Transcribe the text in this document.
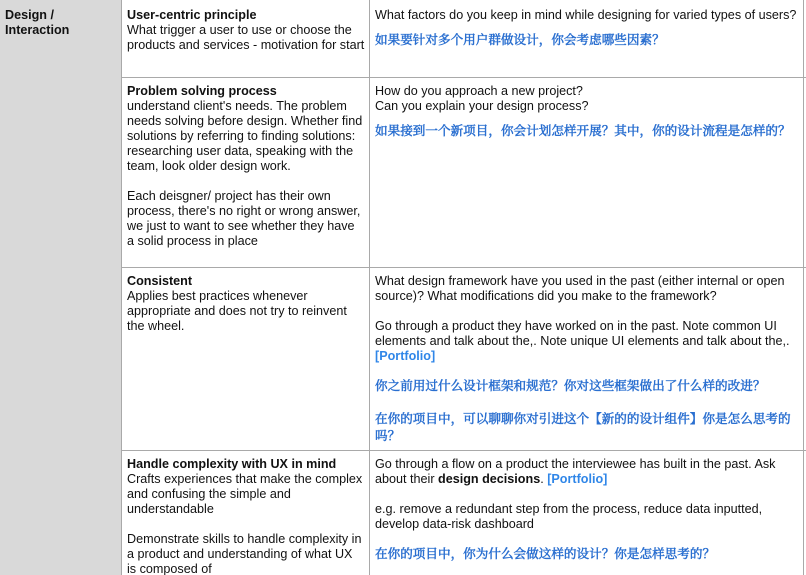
Design / Interaction
User-centric principle
What trigger a user to use or choose the products and services - motivation for start
What factors do you keep in mind while designing for varied types of users?
如果要针对多个用户群做设计，你会考虑哪些因素？
Problem solving process
understand client's needs. The problem needs solving before design. Whether find solutions by referring to finding solutions: researching user data, speaking with the team, look older design work.
Each deisgner/ project has their own process, there's no right or wrong answer, we just to want to see whether they have a solid process in place
How do you approach a new project?
Can you explain your design process?
如果接到一个新项目，你会计划怎样开展？其中，你的设计流程是怎样的？
Consistent
Applies best practices whenever appropriate and does not try to reinvent the wheel.
What design framework have you used in the past (either internal or open source)? What modifications did you make to the framework?
Go through a product they have worked on in the past. Note common UI elements and talk about the,. Note unique UI elements and talk about the,. [Portfolio]
你之前用过什么设计框架和规范？你对这些框架做出了什么样的改进？
在你的项目中，可以聊聊你对引进这个【新的的设计组件】你是怎么思考的吗？
Handle complexity with UX in mind
Crafts experiences that make the complex and confusing the simple and understandable
Demonstrate skills to handle complexity in a product and understanding of what UX is composed of
Go through a flow on a product the interviewee has built in the past. Ask about their design decisions. [Portfolio]
e.g. remove a redundant step from the process, reduce data inputted, develop data-risk dashboard
在你的项目中，你为什么会做这样的设计？你是怎样思考的？
